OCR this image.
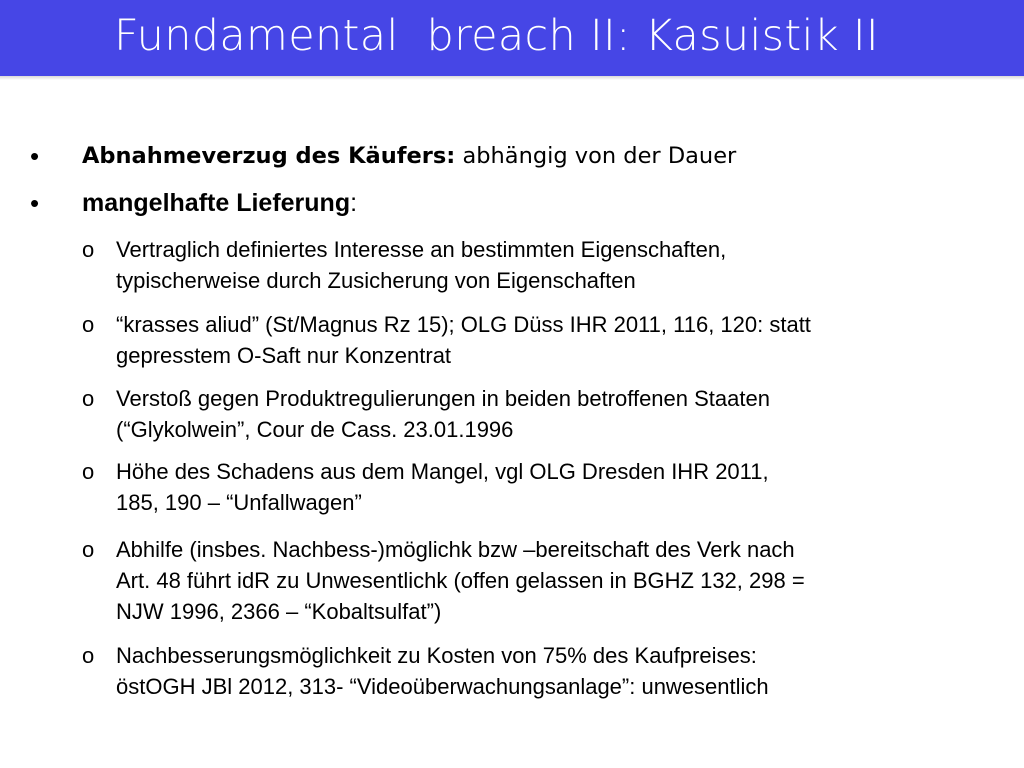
Fundamental  breach II: Kasuistik II
• Abnahmeverzug des Käufers: abhängig von der Dauer
• mangelhafte Lieferung:
o Vertraglich definiertes Interesse an bestimmten Eigenschaften,
typischerweise durch Zusicherung von Eigenschaften
o “krasses aliud” (St/Magnus Rz 15); OLG Düss IHR 2011, 116, 120: statt
gepresstem O-Saft nur Konzentrat
o Verstoß gegen Produktregulierungen in beiden betroffenen Staaten
(“Glykolwein”, Cour de Cass. 23.01.1996
o Höhe des Schadens aus dem Mangel, vgl OLG Dresden IHR 2011,
185, 190 – “Unfallwagen”
o Abhilfe (insbes. Nachbess-)möglichk bzw –bereitschaft des Verk nach
Art. 48 führt idR zu Unwesentlichk (offen gelassen in BGHZ 132, 298 =
NJW 1996, 2366 – “Kobaltsulfat”)
o Nachbesserungsmöglichkeit zu Kosten von 75% des Kaufpreises:
östOGH JBl 2012, 313- “Videoüberwachungsanlage”: unwesentlich
